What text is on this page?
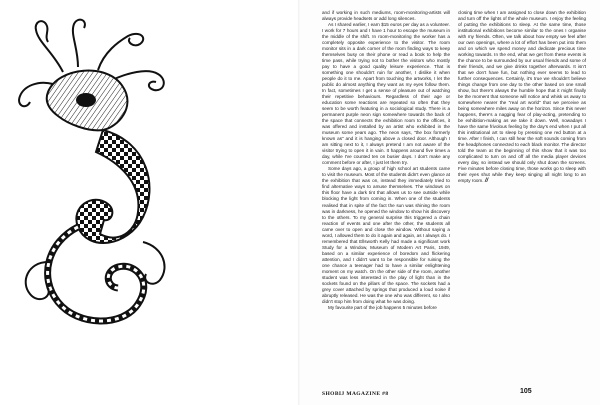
and if working in such mediums, room-monitoring-artists will always provide headsets or add long silences.

As I shared earlier, I earn $15 euros per day as a volunteer. I work for 7 hours and I have 1 hour to escape the museum in the middle of the shift. In room-monitoring the worker has a completely opposite experience to the visitor. The room monitor sits in a dark corner of the room finding ways to keep themselves busy on their phone or read a book to help the time pass, while trying not to bother the visitors who mostly pay to have a good quality leisure experience. That is something one shouldn't ruin for another, I dislike it when people do it to me. Apart from touching the artworks, I let the public do almost anything they want as my eyes follow them. In fact, sometimes I get a sense of pleasure out of watching their repetitive behaviours. Regardless of their age or education some reactions are repeated so often that they seem to be worth featuring in a sociological study. There is a permanent purple neon sign somewhere towards the back of the space that connects the exhibition room to the offices, it was offered and installed by an artist who exhibited in the museum some years ago. The neon says, "the box formerly known as" and it is hanging above a closed door. Although I am sitting next to it, I always pretend I am not aware of the visitor trying to open it in vain. It happens around five times a day, while I've counted ten on busier days. I don't make any comment before or after, I just let them try.

Some days ago, a group of high school art students came to visit the museum. Most of the students didn't even glance at the exhibition that was on, instead they immediately tried to find alternative ways to amuse themselves. The windows on this floor have a dark tint that allows us to see outside while blocking the light from coming in. When one of the students realised that in spite of the fact the sun was shining the room was in darkness, he opened the window to show his discovery to the others. To my general surprise this triggered a chain reaction of events and one after the other, the students all came over to open and close the window. Without saying a word, I allowed them to do it again and again, as I always do. I remembered that Ellsworth Kelly had made a significant work Study for a Window, Museum of Modern Art Paris, 1949, based on a similar experience of boredom and flickering attention, and I didn't want to be responsible for ruining the one chance a teenager had to have a similar enlightening moment on my watch. On the other side of the room, another student was less interested in the play of light than in the sockets found on the pillars of the space. The sockets had a grey cover attached by springs that produced a loud noise if abruptly released. He was the one who was different, so I also didn't stop him from doing what he was doing.

My favourite part of the job happens 5 minutes before

closing time when I am assigned to close down the exhibition and turn off the lights of the whole museum. I enjoy the feeling of putting the exhibitions to sleep. At the same time, those institutional exhibitions become similar to the ones I organise with my friends. Often, we talk about how empty we feel after our own openings, where a lot of effort has been put into them and on which we spend money and dedicate precious time working towards. In the end, what we get from these events is the chance to be surrounded by our usual friends and some of their friends, and we give drinks together afterwards. It isn't that we don't have fun, but nothing ever seems to lead to further consequences. Certainly, it's true we shouldn't believe things change from one day to the other based on one small show, but there's always the humble hope that it might finally be the moment that someone will notice and whisk us away to somewhere nearer the "real art world" that we perceive as being somewhere miles away on the horizon. Since this never happens, there's a nagging fear of play-acting, pretending to be exhibition-making as we take it down. Well, nowadays I have the same frivolous feeling by the day's end when I put all this institutional art to sleep by pressing one red button at a time. After I finish, I can still hear the soft sounds coming from the headphones connected to each black monitor. The director told the team at the beginning of this show that it was too complicated to turn on and off all the media player devices every day, so instead we should only shut down the screens. Five minutes before closing time, those works go to sleep with their eyes shut while they keep singing all night long to an empty room. //

SHOBIJ MAGAZINE #8	105
